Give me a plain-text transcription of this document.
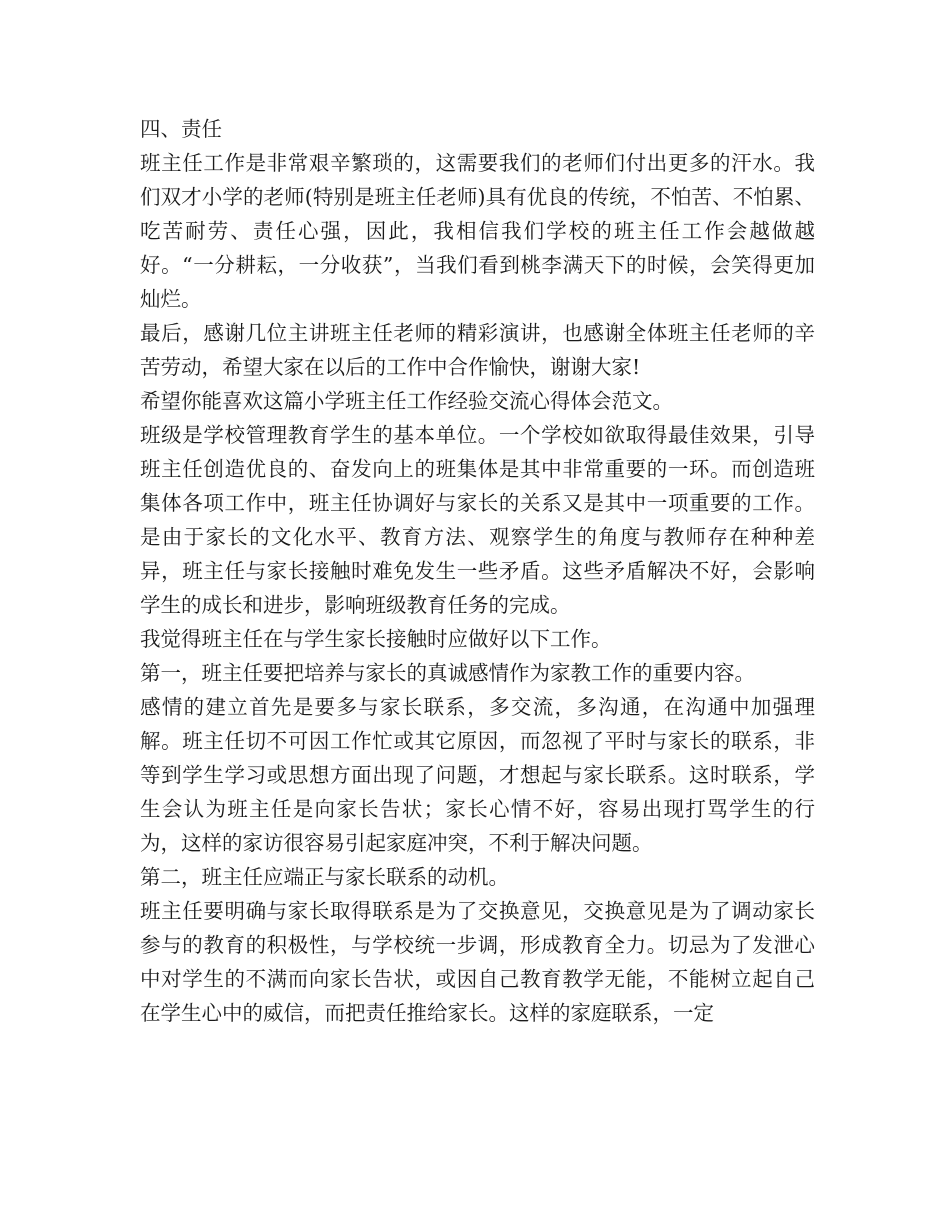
四、责任

班主任工作是非常艰辛繁琐的，这需要我们的老师们付出更多的汗水。我们双才小学的老师(特别是班主任老师)具有优良的传统，不怕苦、不怕累、吃苦耐劳、责任心强，因此，我相信我们学校的班主任工作会越做越好。“一分耕耘，一分收获”，当我们看到桃李满天下的时候，会笑得更加灿烂。

最后，感谢几位主讲班主任老师的精彩演讲，也感谢全体班主任老师的辛苦劳动，希望大家在以后的工作中合作愉快，谢谢大家!

希望你能喜欢这篇小学班主任工作经验交流心得体会范文。

班级是学校管理教育学生的基本单位。一个学校如欲取得最佳效果，引导班主任创造优良的、奋发向上的班集体是其中非常重要的一环。而创造班集体各项工作中，班主任协调好与家长的关系又是其中一项重要的工作。是由于家长的文化水平、教育方法、观察学生的角度与教师存在种种差异，班主任与家长接触时难免发生一些矛盾。这些矛盾解决不好，会影响学生的成长和进步，影响班级教育任务的完成。

我觉得班主任在与学生家长接触时应做好以下工作。

第一，班主任要把培养与家长的真诚感情作为家教工作的重要内容。

感情的建立首先是要多与家长联系，多交流，多沟通，在沟通中加强理解。班主任切不可因工作忙或其它原因，而忽视了平时与家长的联系，非等到学生学习或思想方面出现了问题，才想起与家长联系。这时联系，学生会认为班主任是向家长告状；家长心情不好，容易出现打骂学生的行为，这样的家访很容易引起家庭冲突，不利于解决问题。

第二，班主任应端正与家长联系的动机。

班主任要明确与家长取得联系是为了交换意见，交换意见是为了调动家长参与的教育的积极性，与学校统一步调，形成教育全力。切忌为了发泄心中对学生的不满而向家长告状，或因自己教育教学无能，不能树立起自己在学生心中的威信，而把责任推给家长。这样的家庭联系，一定
